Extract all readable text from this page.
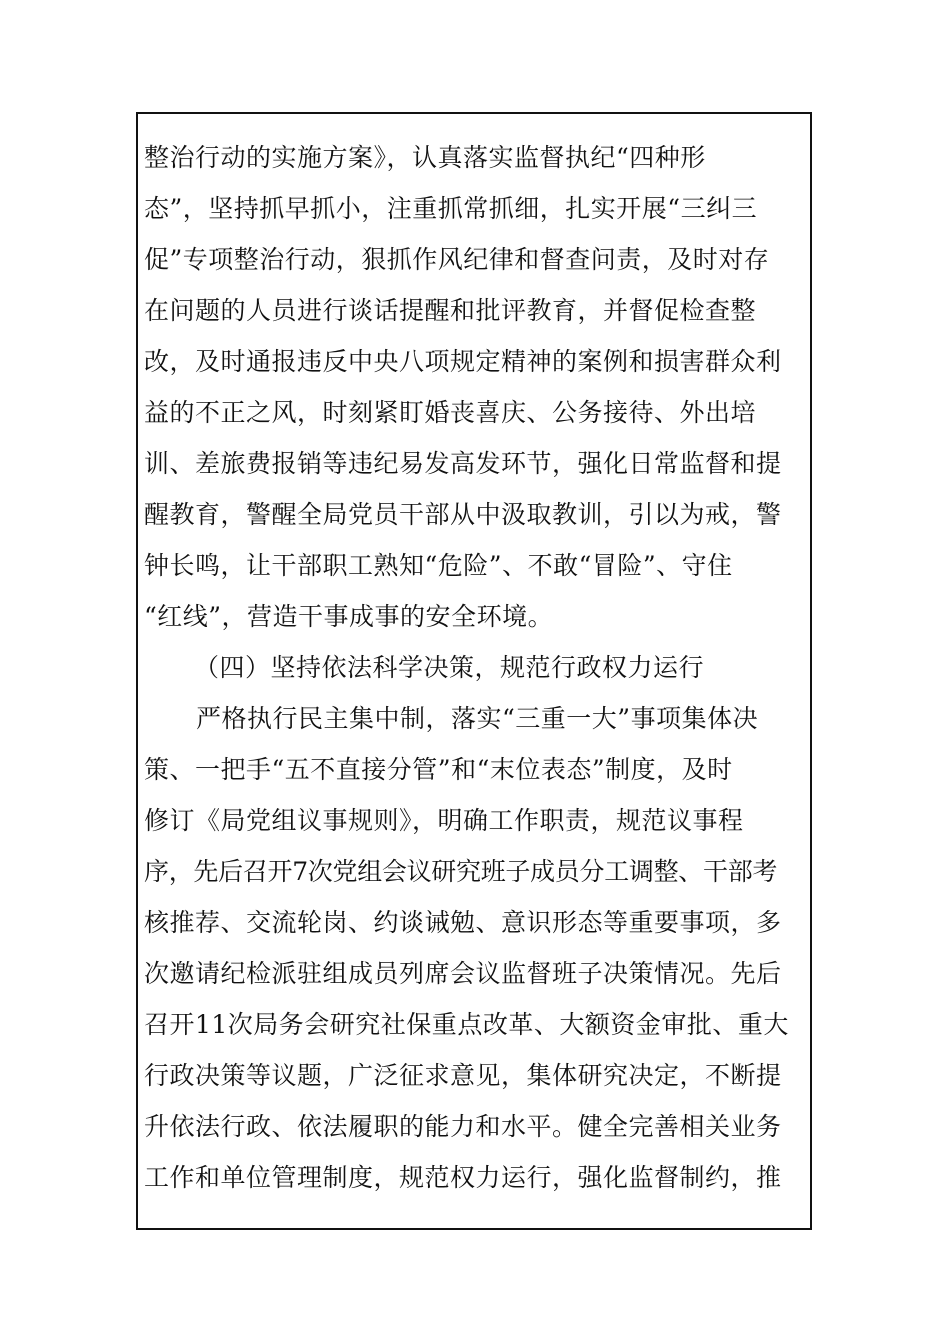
整治行动的实施方案》，认真落实监督执纪“四种形
态”，坚持抓早抓小，注重抓常抓细，扎实开展“三纠三
促”专项整治行动，狠抓作风纪律和督查问责，及时对存
在问题的人员进行谈话提醒和批评教育，并督促检查整
改，及时通报违反中央八项规定精神的案例和损害群众利
益的不正之风，时刻紧盯婚丧喜庆、公务接待、外出培
训、差旅费报销等违纪易发高发环节，强化日常监督和提
醒教育，警醒全局党员干部从中汲取教训，引以为戒，警
钟长鸣，让干部职工熟知“危险”、不敢“冒险”、守住
“红线”，营造干事成事的安全环境。
（四）坚持依法科学决策，规范行政权力运行
严格执行民主集中制，落实“三重一大”事项集体决
策、一把手“五不直接分管”和“末位表态”制度，及时
修订《局党组议事规则》，明确工作职责，规范议事程
序，先后召开7次党组会议研究班子成员分工调整、干部考
核推荐、交流轮岗、约谈诫勉、意识形态等重要事项，多
次邀请纪检派驻组成员列席会议监督班子决策情况。先后
召开11次局务会研究社保重点改革、大额资金审批、重大
行政决策等议题，广泛征求意见，集体研究决定，不断提
升依法行政、依法履职的能力和水平。健全完善相关业务
工作和单位管理制度，规范权力运行，强化监督制约，推
